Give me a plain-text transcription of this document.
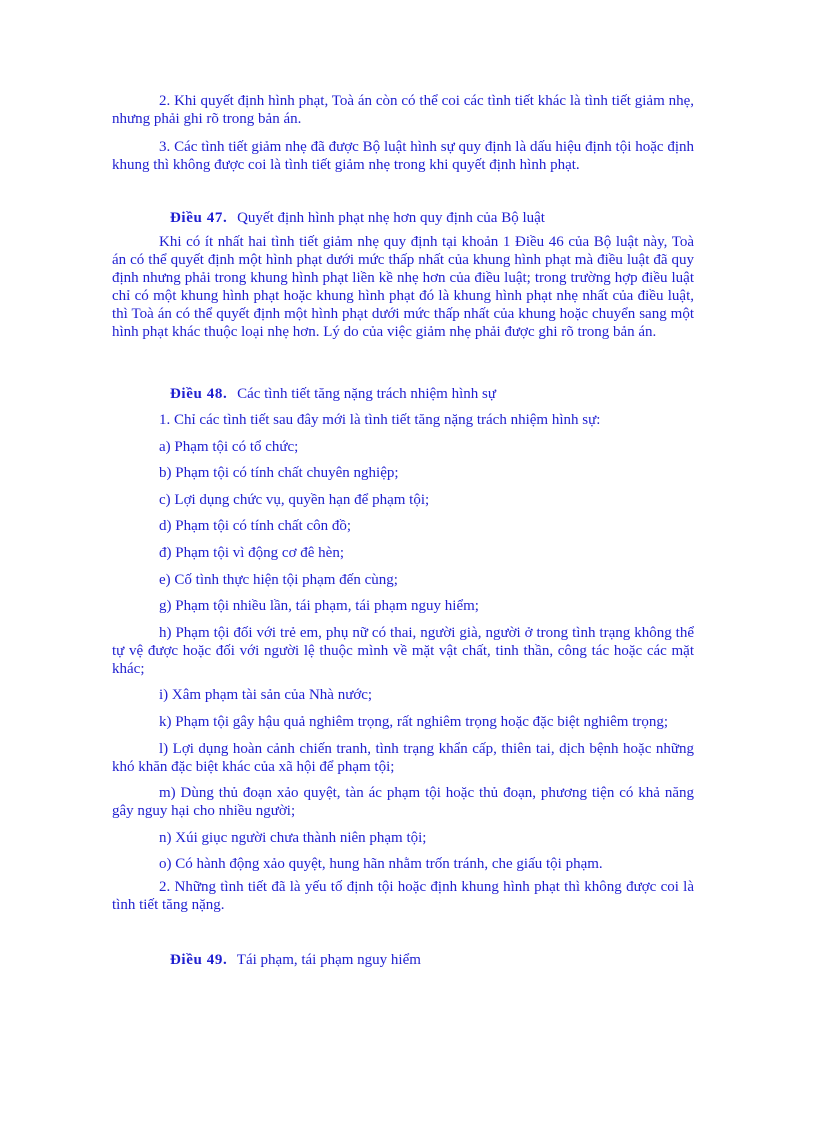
2. Khi quyết định hình phạt, Toà án còn có thể coi các tình tiết khác là tình tiết giảm nhẹ, nhưng phải ghi rõ trong bản án.

3. Các tình tiết giảm nhẹ đã được Bộ luật hình sự quy định là dấu hiệu định tội hoặc định khung thì không được coi là tình tiết giảm nhẹ trong khi quyết định hình phạt.

Điều 47. Quyết định hình phạt nhẹ hơn quy định của Bộ luật

Khi có ít nhất hai tình tiết giảm nhẹ quy định tại khoản 1 Điều 46 của Bộ luật này, Toà án có thể quyết định một hình phạt dưới mức thấp nhất của khung hình phạt mà điều luật đã quy định nhưng phải trong khung hình phạt liền kề nhẹ hơn của điều luật; trong trường hợp điều luật chỉ có một khung hình phạt hoặc khung hình phạt đó là khung hình phạt nhẹ nhất của điều luật, thì Toà án có thể quyết định một hình phạt dưới mức thấp nhất của khung hoặc chuyển sang một hình phạt khác thuộc loại nhẹ hơn. Lý do của việc giảm nhẹ phải được ghi rõ trong bản án.

Điều 48. Các tình tiết tăng nặng trách nhiệm hình sự

1. Chỉ các tình tiết sau đây mới là tình tiết tăng nặng trách nhiệm hình sự:

a) Phạm tội có tổ chức;

b) Phạm tội có tính chất chuyên nghiệp;

c) Lợi dụng chức vụ, quyền hạn để phạm tội;

d) Phạm tội có tính chất côn đồ;

đ) Phạm tội vì động cơ đê hèn;

e) Cố tình thực hiện tội phạm đến cùng;

g) Phạm tội nhiều lần, tái phạm, tái phạm nguy hiểm;

h) Phạm tội đối với trẻ em, phụ nữ có thai, người già, người ở trong tình trạng không thể tự vệ được hoặc đối với người lệ thuộc mình về mặt vật chất, tinh thần, công tác hoặc các mặt khác;

i) Xâm phạm tài sản của Nhà nước;

k) Phạm tội gây hậu quả nghiêm trọng, rất nghiêm trọng hoặc đặc biệt nghiêm trọng;

l) Lợi dụng hoàn cảnh chiến tranh, tình trạng khẩn cấp, thiên tai, dịch bệnh hoặc những khó khăn đặc biệt khác của xã hội để phạm tội;

m) Dùng thủ đoạn xảo quyệt, tàn ác phạm tội hoặc thủ đoạn, phương tiện có khả năng gây nguy hại cho nhiều người;

n) Xúi giục người chưa thành niên phạm tội;

o) Có hành động xảo quyệt, hung hãn nhằm trốn tránh, che giấu tội phạm.

2. Những tình tiết đã là yếu tố định tội hoặc định khung hình phạt thì không được coi là tình tiết tăng nặng.

Điều 49. Tái phạm, tái phạm nguy hiểm
